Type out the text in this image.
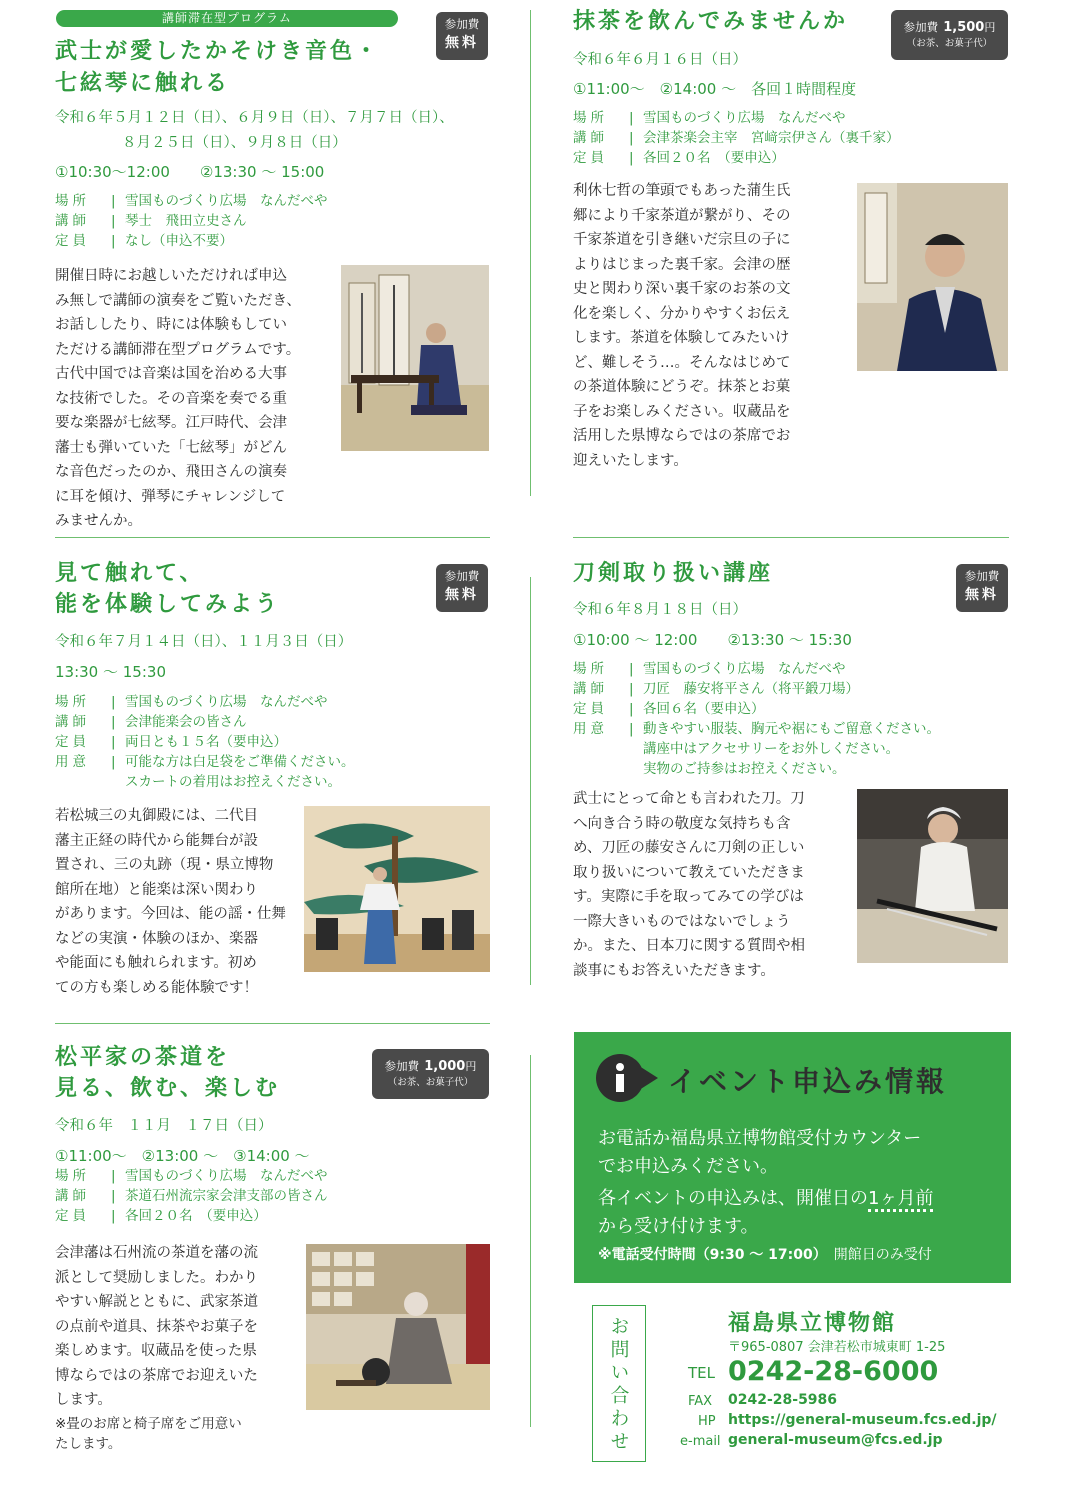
講師滞在型プログラム
武士が愛したかそけき音色・
七絃琴に触れる
参加費
無料
令和６年５月１２日（日）、６月９日（日）、７月７日（日）、
８月２５日（日）、９月８日（日）
①10:30〜12:00　　②13:30 〜 15:00
場所	| 雪国ものづくり広場　なんだべや
講師	| 琴士　飛田立史さん
定員	| なし（申込不要）

開催日時にお越しいただければ申込

み無しで講師の演奏をご覧いただき、

お話ししたり、時には体験もしてい

ただける講師滞在型プログラムです。

古代中国では音楽は国を治める大事

な技術でした。その音楽を奏でる重

要な楽器が七絃琴。江戸時代、会津

藩士も弾いていた「七絃琴」がどん

な音色だったのか、飛田さんの演奏

に耳を傾け、弾琴にチャレンジして

みませんか。

抹茶を飲んでみませんか	参加費 1,500円
（お茶、お菓子代）
令和６年６月１６日（日）
①11:00〜　②14:00 〜　各回１時間程度
場所	| 雪国ものづくり広場　なんだべや
講師	| 会津茶楽会主宰　宮﨑宗伊さん（裏千家）
定員	| 各回２０名　（要申込）

利休七哲の筆頭でもあった蒲生氏

郷により千家茶道が繋がり、その

千家茶道を引き継いだ宗旦の子に

よりはじまった裏千家。会津の歴

史と関わり深い裏千家のお茶の文

化を楽しく、分かりやすくお伝え

します。茶道を体験してみたいけ

ど、難しそう…。そんなはじめて

の茶道体験にどうぞ。抹茶とお菓

子をお楽しみください。収蔵品を

活用した県博ならではの茶席でお

迎えいたします。

見て触れて、
能を体験してみよう
参加費
無料
令和６年７月１４日（日）、１１月３日（日）
13:30 〜 15:30
場所	| 雪国ものづくり広場　なんだべや
講師	| 会津能楽会の皆さん
定員	| 両日とも１５名（要申込）
用意	| 可能な方は白足袋をご準備ください。
スカートの着用はお控えください。

若松城三の丸御殿には、二代目

藩主正経の時代から能舞台が設

置され、三の丸跡（現・県立博物

館所在地）と能楽は深い関わり

があります。今回は、能の謡・仕舞

などの実演・体験のほか、楽器

や能面にも触れられます。初め

ての方も楽しめる能体験です！

刀剣取り扱い講座	参加費
無料
令和６年８月１８日（日）
①10:00 〜 12:00　　②13:30 〜 15:30
場所	| 雪国ものづくり広場　なんだべや
講師	| 刀匠　藤安将平さん（将平鍛刀場）
定員	| 各回６名（要申込）
用意	| 動きやすい服装、胸元や裾にもご留意ください。
講座中はアクセサリーをお外しください。
実物のご持参はお控えください。

武士にとって命とも言われた刀。刀

へ向き合う時の敬度な気持ちも含

め、刀匠の藤安さんに刀剣の正しい

取り扱いについて教えていただきま

す。実際に手を取ってみての学びは

一際大きいものではないでしょう

か。また、日本刀に関する質問や相

談事にもお答えいただきます。

松平家の茶道を
見る、飲む、楽しむ
参加費 1,000円
（お茶、お菓子代）
令和６年　１１月　１７日（日）
①11:00〜　②13:00 〜　③14:00 〜
場所	| 雪国ものづくり広場　なんだべや
講師	| 茶道石州流宗家会津支部の皆さん
定員	| 各回２０名　（要申込）

会津藩は石州流の茶道を藩の流

派として奨励しました。わかり

やすい解説とともに、武家茶道

の点前や道具、抹茶やお菓子を

楽しめます。収蔵品を使った県

博ならではの茶席でお迎えいた

します。

※畳のお席と椅子席をご用意い

たします。

イベント申込み情報
お電話か福島県立博物館受付カウンター
でお申込みください。
各イベントの申込みは、開催日の1ヶ月前
から受け付けます。
※電話受付時間（9:30 〜 17:00）　 開館日のみ受付
お問い合わせ	福島県立博物館
〒965-0807 会津若松市城東町 1-25
TEL 0242-28-6000
FAX 0242-28-5986
HP https://general-museum.fcs.ed.jp/
e-mail general-museum@fcs.ed.jp
